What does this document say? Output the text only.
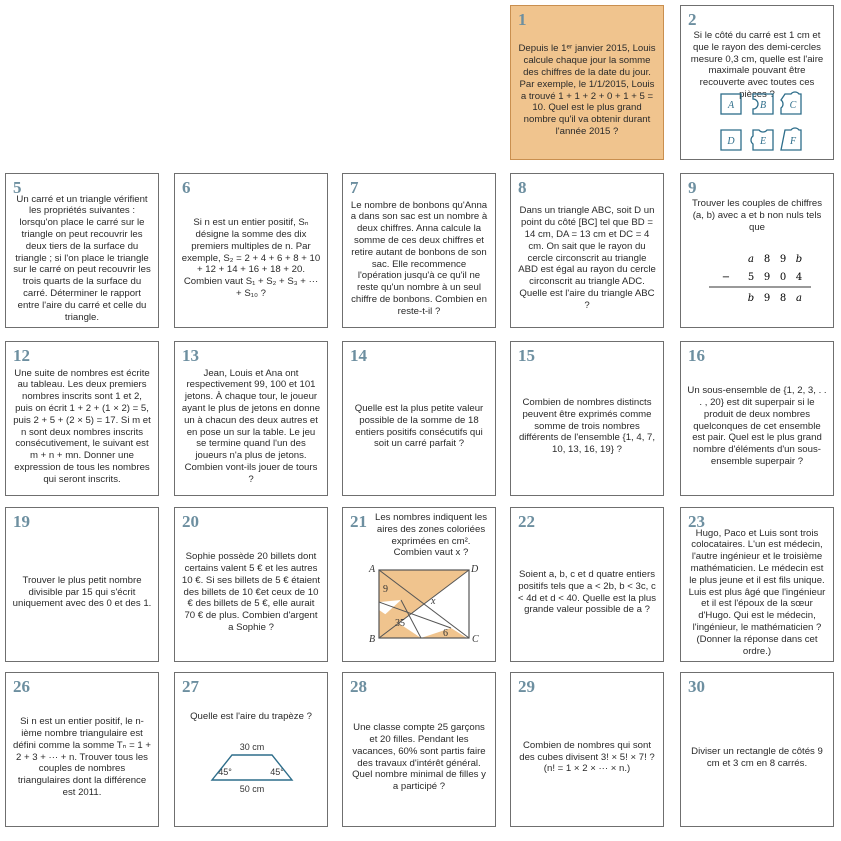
1
Depuis le 1ᵉʳ janvier 2015, Louis calcule chaque jour la somme des chiffres de la date du jour. Par exemple, le 1/1/2015, Louis a trouvé 1 + 1 + 2 + 0 + 1 + 5 = 10. Quel est le plus grand nombre qu'il va obtenir durant l'année 2015 ?
2
Si le côté du carré est 1 cm et que le rayon des demi-cercles mesure 0,3 cm, quelle est l'aire maximale pouvant être recouverte avec toutes ces pièces ?
A	B C
D	E F
5
Un carré et un triangle vérifient les propriétés suivantes : lorsqu'on place le carré sur le triangle on peut recouvrir les deux tiers de la surface du triangle ; si l'on place le triangle sur le carré on peut recouvrir les trois quarts de la surface du carré. Déterminer le rapport entre l'aire du carré et celle du triangle.
6
Si n est un entier positif, Sₙ désigne la somme des dix premiers multiples de n. Par exemple, S₂ = 2 + 4 + 6 + 8 + 10 + 12 + 14 + 16 + 18 + 20. Combien vaut S₁ + S₂ + S₃ + ··· + S₁₀ ?
7
Le nombre de bonbons qu'Anna a dans son sac est un nombre à deux chiffres. Anna calcule la somme de ces deux chiffres et retire autant de bonbons de son sac. Elle recommence l'opération jusqu'à ce qu'il ne reste qu'un nombre à un seul chiffre de bonbons. Combien en reste-t-il ?
8
Dans un triangle ABC, soit D un point du côté [BC] tel que BD = 14 cm, DA = 13 cm et DC = 4 cm. On sait que le rayon du cercle circonscrit au triangle ABD est égal au rayon du cercle circonscrit au triangle ADC. Quelle est l'aire du triangle ABC ?
9
Trouver les couples de chiffres (a, b) avec a et b non nuls tels que
a 8 9 b
− 5 9 0 4
b 9 8 a
12
Une suite de nombres est écrite au tableau. Les deux premiers nombres inscrits sont 1 et 2, puis on écrit 1 + 2 + (1 × 2) = 5, puis 2 + 5 + (2 × 5) = 17. Si m et n sont deux nombres inscrits consécutivement, le suivant est m + n + mn. Donner une expression de tous les nombres qui seront inscrits.
13
Jean, Louis et Ana ont respectivement 99, 100 et 101 jetons. À chaque tour, le joueur ayant le plus de jetons en donne un à chacun des deux autres et en pose un sur la table. Le jeu se termine quand l'un des joueurs n'a plus de jetons. Combien vont-ils jouer de tours ?
14
Quelle est la plus petite valeur possible de la somme de 18 entiers positifs consécutifs qui soit un carré parfait ?
15
Combien de nombres distincts peuvent être exprimés comme somme de trois nombres différents de l'ensemble {1, 4, 7, 10, 13, 16, 19} ?
16
Un sous-ensemble de {1, 2, 3, . . . , 20} est dit superpair si le produit de deux nombres quelconques de cet ensemble est pair. Quel est le plus grand nombre d'éléments d'un sous-ensemble superpair ?
19
Trouver le plus petit nombre divisible par 15 qui s'écrit uniquement avec des 0 et des 1.
20
Sophie possède 20 billets dont certains valent 5 € et les autres 10 €. Si ses billets de 5 € étaient des billets de 10 €et ceux de 10 € des billets de 5 €, elle aurait 70 € de plus. Combien d'argent a Sophie ?
21 Les nombres indiquent les aires des zones coloriées exprimées en cm². Combien vaut x ?
A
B	C
D
9
35
6
x
22
Soient a, b, c et d quatre entiers positifs tels que a < 2b, b < 3c, c < 4d et d < 40. Quelle est la plus grande valeur possible de a ?
23
Hugo, Paco et Luis sont trois colocataires. L'un est médecin, l'autre ingénieur et le troisième mathématicien. Le médecin est le plus jeune et il est fils unique. Luis est plus âgé que l'ingénieur et il est l'époux de la sœur d'Hugo. Qui est le médecin, l'ingénieur, le mathématicien ? (Donner la réponse dans cet ordre.)
26
Si n est un entier positif, le n-ième nombre triangulaire est défini comme la somme Tₙ = 1 + 2 + 3 + ··· + n. Trouver tous les couples de nombres triangulaires dont la différence est 2011.
27
Quelle est l'aire du trapèze ?
30 cm
50 cm
45°	45°
28
Une classe compte 25 garçons et 20 filles. Pendant les vacances, 60% sont partis faire des travaux d'intérêt général. Quel nombre minimal de filles y a participé ?
29
Combien de nombres qui sont des cubes divisent 3! × 5! × 7! ? (n! = 1 × 2 × ··· × n.)
30
Diviser un rectangle de côtés 9 cm et 3 cm en 8 carrés.
